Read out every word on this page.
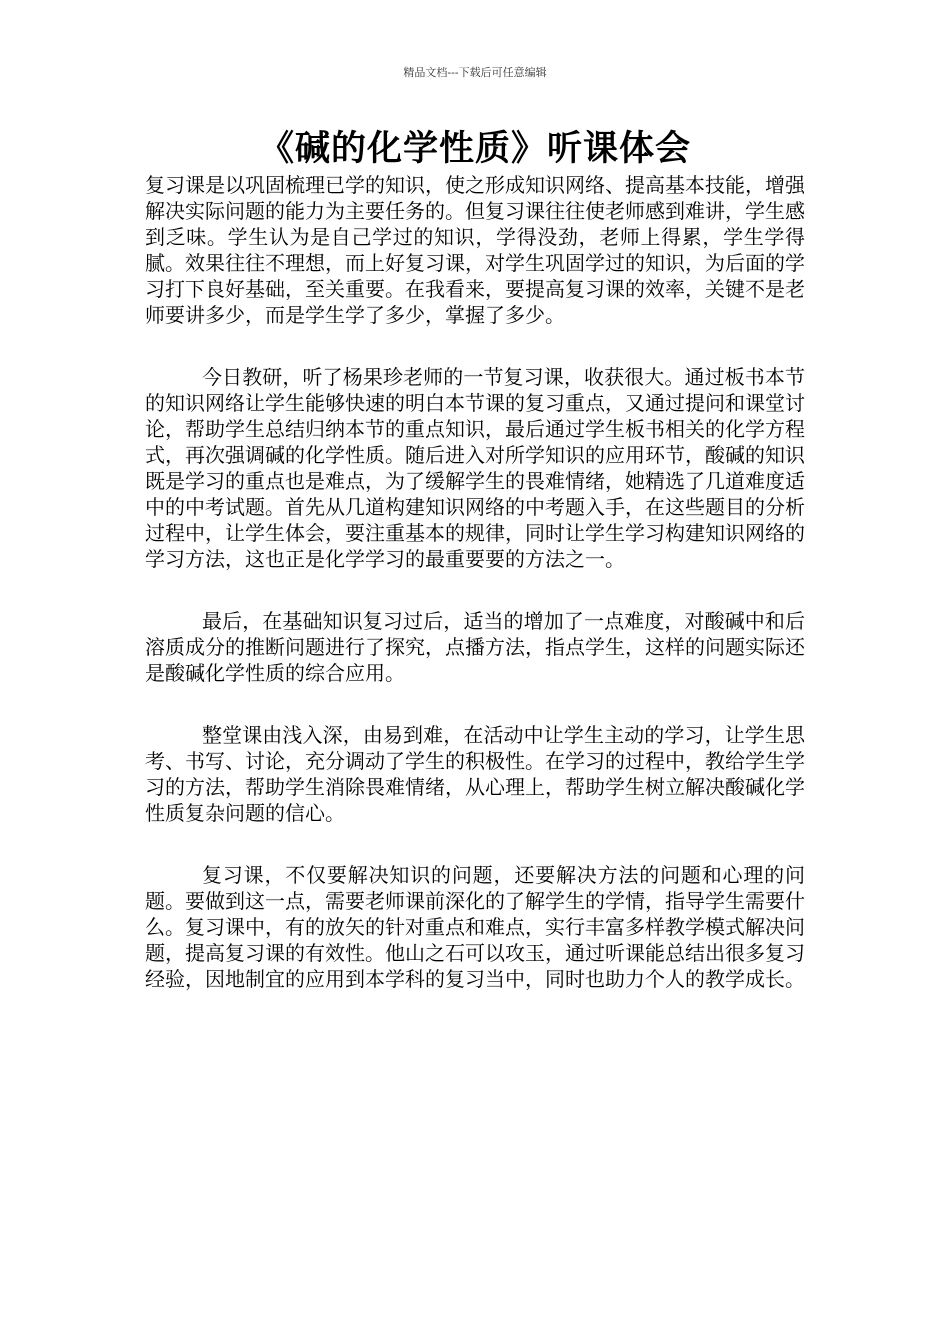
精品文档---下载后可任意编辑
《碱的化学性质》听课体会

复习课是以巩固梳理已学的知识，使之形成知识网络、提高基本技能，增强解决实际问题的能力为主要任务的。但复习课往往使老师感到难讲，学生感到乏味。学生认为是自己学过的知识，学得没劲，老师上得累，学生学得腻。效果往往不理想，而上好复习课，对学生巩固学过的知识，为后面的学习打下良好基础，至关重要。在我看来，要提高复习课的效率，关键不是老师要讲多少，而是学生学了多少，掌握了多少。

今日教研，听了杨果珍老师的一节复习课，收获很大。通过板书本节的知识网络让学生能够快速的明白本节课的复习重点，又通过提问和课堂讨论，帮助学生总结归纳本节的重点知识，最后通过学生板书相关的化学方程式，再次强调碱的化学性质。随后进入对所学知识的应用环节，酸碱的知识既是学习的重点也是难点，为了缓解学生的畏难情绪，她精选了几道难度适中的中考试题。首先从几道构建知识网络的中考题入手，在这些题目的分析过程中，让学生体会，要注重基本的规律，同时让学生学习构建知识网络的学习方法，这也正是化学学习的最重要要的方法之一。

最后，在基础知识复习过后，适当的增加了一点难度，对酸碱中和后溶质成分的推断问题进行了探究，点播方法，指点学生，这样的问题实际还是酸碱化学性质的综合应用。

整堂课由浅入深，由易到难，在活动中让学生主动的学习，让学生思考、书写、讨论，充分调动了学生的积极性。在学习的过程中，教给学生学习的方法，帮助学生消除畏难情绪，从心理上，帮助学生树立解决酸碱化学性质复杂问题的信心。

复习课，不仅要解决知识的问题，还要解决方法的问题和心理的问题。要做到这一点，需要老师课前深化的了解学生的学情，指导学生需要什么。复习课中，有的放矢的针对重点和难点，实行丰富多样教学模式解决问题，提高复习课的有效性。他山之石可以攻玉，通过听课能总结出很多复习经验，因地制宜的应用到本学科的复习当中，同时也助力个人的教学成长。
